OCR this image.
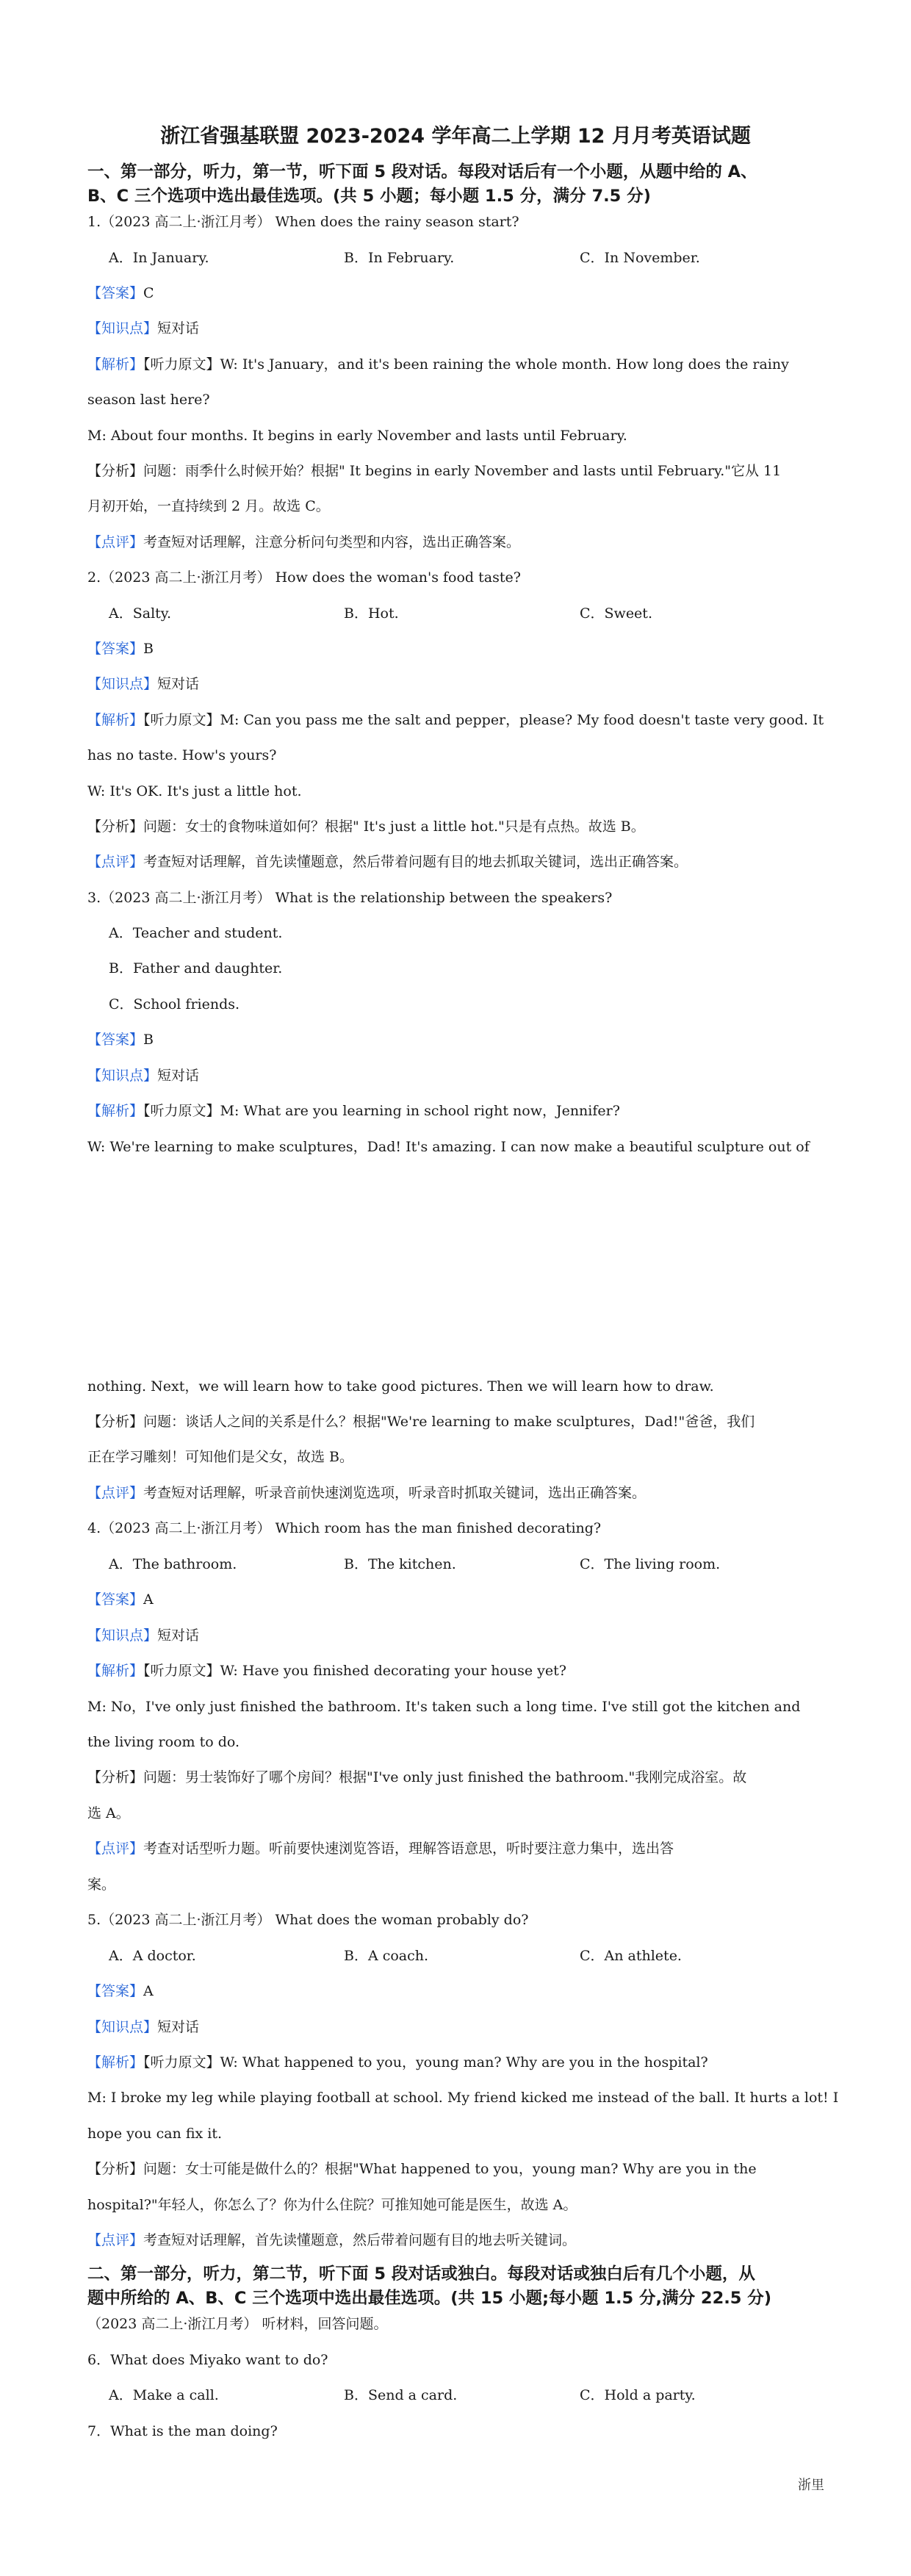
浙江省强基联盟 2023-2024 学年高二上学期 12 月月考英语试题
一、第一部分，听力，第一节，听下面 5 段对话。每段对话后有一个小题，从题中给的 A、
B、C 三个选项中选出最佳选项。(共 5 小题；每小题 1.5 分，满分 7.5 分)
1.（2023 高二上·浙江月考） When does the rainy season start?
A．In January.	B．In February.	C．In November.
【答案】C
【知识点】短对话
【解析】【听力原文】W: It's January，and it's been raining the whole month. How long does the rainy
season last here?
M: About four months. It begins in early November and lasts until February.
【分析】问题：雨季什么时候开始？根据" It begins in early November and lasts until February."它从 11
月初开始，一直持续到 2 月。故选 C。
【点评】考查短对话理解，注意分析问句类型和内容，选出正确答案。
2.（2023 高二上·浙江月考） How does the woman's food taste?
A．Salty.	B．Hot.	C．Sweet.
【答案】B
【知识点】短对话
【解析】【听力原文】M: Can you pass me the salt and pepper，please? My food doesn't taste very good. It
has no taste. How's yours?
W: It's OK. It's just a little hot.
【分析】问题：女士的食物味道如何？根据" It's just a little hot."只是有点热。故选 B。
【点评】考查短对话理解，首先读懂题意，然后带着问题有目的地去抓取关键词，选出正确答案。
3.（2023 高二上·浙江月考） What is the relationship between the speakers?
A．Teacher and student.
B．Father and daughter.
C．School friends.
【答案】B
【知识点】短对话
【解析】【听力原文】M: What are you learning in school right now，Jennifer?
W: We're learning to make sculptures，Dad! It's amazing. I can now make a beautiful sculpture out of
nothing. Next，we will learn how to take good pictures. Then we will learn how to draw.
【分析】问题：谈话人之间的关系是什么？根据"We're learning to make sculptures，Dad!"爸爸，我们
正在学习雕刻！可知他们是父女，故选 B。
【点评】考查短对话理解，听录音前快速浏览选项，听录音时抓取关键词，选出正确答案。
4.（2023 高二上·浙江月考） Which room has the man finished decorating?
A．The bathroom.	B．The kitchen.	C．The living room.
【答案】A
【知识点】短对话
【解析】【听力原文】W: Have you finished decorating your house yet?
M: No，I've only just finished the bathroom. It's taken such a long time. I've still got the kitchen and
the living room to do.
【分析】问题：男士装饰好了哪个房间？根据"I've only just finished the bathroom."我刚完成浴室。故
选 A。
【点评】考查对话型听力题。听前要快速浏览答语，理解答语意思，听时要注意力集中，选出答
案。
5.（2023 高二上·浙江月考） What does the woman probably do?
A．A doctor.	B．A coach.	C．An athlete.
【答案】A
【知识点】短对话
【解析】【听力原文】W: What happened to you，young man? Why are you in the hospital?
M: I broke my leg while playing football at school. My friend kicked me instead of the ball. It hurts a lot! I
hope you can fix it.
【分析】问题：女士可能是做什么的？根据"What happened to you，young man? Why are you in the
hospital?"年轻人，你怎么了？你为什么住院？可推知她可能是医生，故选 A。
【点评】考查短对话理解，首先读懂题意，然后带着问题有目的地去听关键词。
二、第一部分，听力，第二节，听下面 5 段对话或独白。每段对话或独白后有几个小题，从
题中所给的 A、B、C 三个选项中选出最佳选项。(共 15 小题;每小题 1.5 分,满分 22.5 分)
（2023 高二上·浙江月考） 听材料，回答问题。
6．What does Miyako want to do?
A．Make a call.	B．Send a card.	C．Hold a party.
7．What is the man doing?
浙里
